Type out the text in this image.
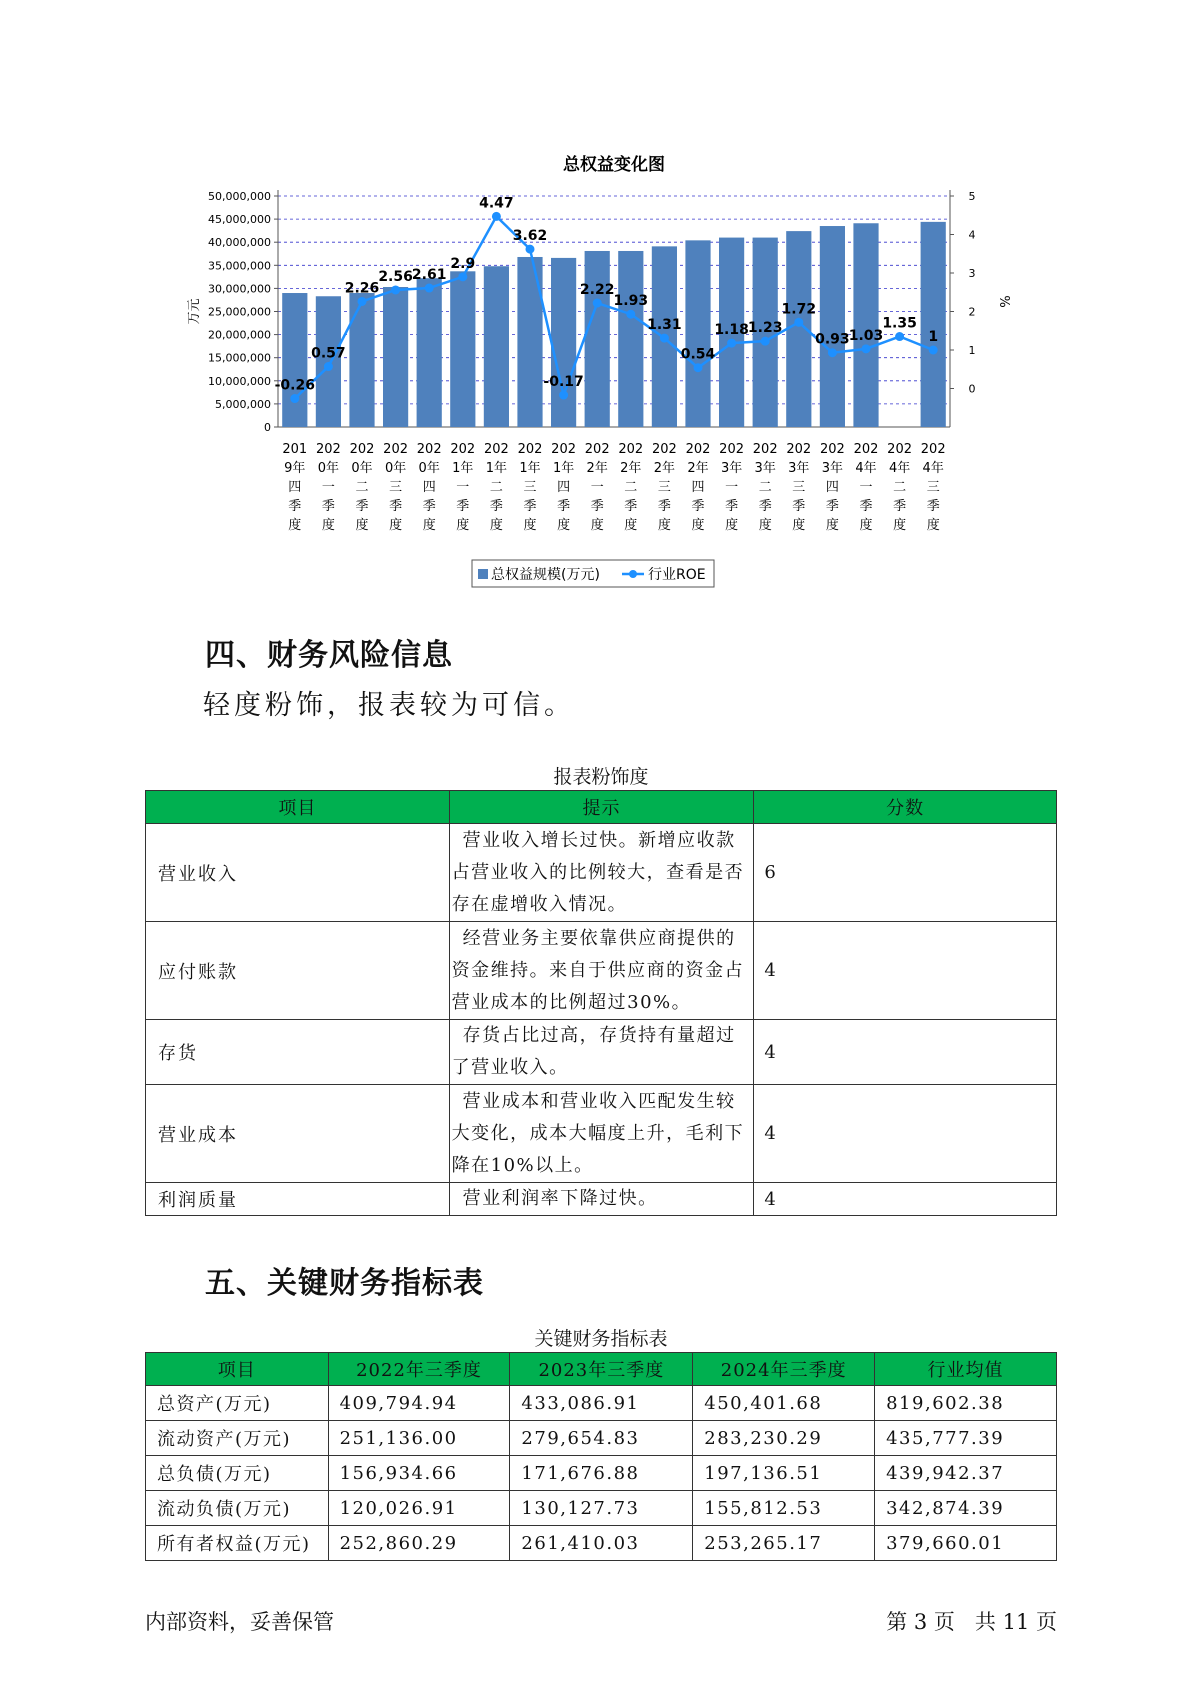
总权益变化图
0
5,000,000
10,000,000
15,000,000
20,000,000
25,000,000
30,000,000
35,000,000
40,000,000
45,000,000
50,000,000
0
1
2
3
4
5
万元	%
-0.26
0.57
2.26
2.56 2.61
2.9
4.47
3.62
-0.17
2.22
1.93
1.31
0.54
1.18 1.23
1.72
0.93 1.03
1.35
1
201
9年
四
季
度
202
0年
一
季
度
202
0年
二
季
度
202
0年
三
季
度
202
0年
四
季
度
202
1年
一
季
度
202
1年
二
季
度
202
1年
三
季
度
202
1年
四
季
度
202
2年
一
季
度
202
2年
二
季
度
202
2年
三
季
度
202
2年
四
季
度
202
3年
一
季
度
202
3年
二
季
度
202
3年
三
季
度
202
3年
四
季
度
202
4年
一
季
度
202
4年
二
季
度
202
4年
三
季
度
总权益规模(万元)	行业ROE
四、财务风险信息
轻度粉饰，报表较为可信。
报表粉饰度
项目	提示	分数
营业收入	营业收入增长过快。新增应收款占营业收入的比例较大，查看是否存在虚增收入情况。	6
应付账款	经营业务主要依靠供应商提供的资金维持。来自于供应商的资金占营业成本的比例超过30%。	4
存货	存货占比过高，存货持有量超过了营业收入。	4
营业成本	营业成本和营业收入匹配发生较大变化，成本大幅度上升，毛利下降在10%以上。	4
利润质量	营业利润率下降过快。	4
五、关键财务指标表
关键财务指标表
项目	2022年三季度	2023年三季度	2024年三季度	行业均值
总资产(万元)	409,794.94	433,086.91	450,401.68	819,602.38
流动资产(万元)	251,136.00	279,654.83	283,230.29	435,777.39
总负债(万元)	156,934.66	171,676.88	197,136.51	439,942.37
流动负债(万元)	120,026.91	130,127.73	155,812.53	342,874.39
所有者权益(万元)	252,860.29	261,410.03	253,265.17	379,660.01
内部资料，妥善保管	第 3 页   共 11 页
